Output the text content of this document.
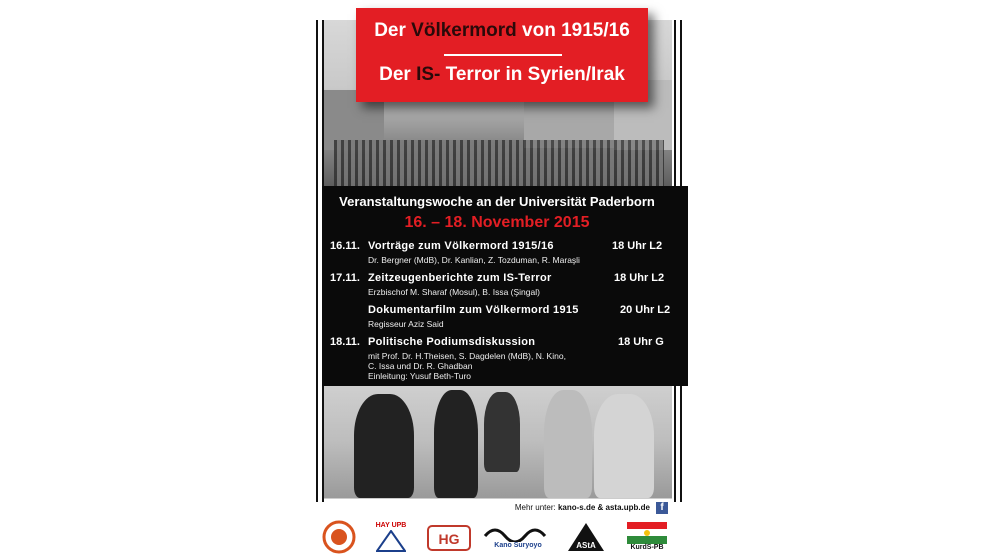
Der Völkermord von 1915/16
Der IS- Terror in Syrien/Irak
Veranstaltungswoche an der Universität Paderborn
16. – 18. November 2015
16.11. Vorträge zum Völkermord 1915/16	18 Uhr L2
Dr. Bergner (MdB), Dr. Kanlian, Z. Tozduman, R. Maraşli
17.11. Zeitzeugenberichte zum IS-Terror	18 Uhr L2
Erzbischof M. Sharaf (Mosul), B. Issa (Şingal)
Dokumentarfilm zum Völkermord 1915	20 Uhr L2
Regisseur Aziz Said
18.11. Politische Podiumsdiskussion	18 Uhr G
mit Prof. Dr. H.Theisen, S. Dagdelen (MdB), N. Kino,
C. Issa und Dr. R. Ghadban
Einleitung: Yusuf Beth-Turo
Mehr unter: kano-s.de & asta.upb.de	f
HAY UPB
HG	Kano Suryoyo	AStA	KurdS-PB
